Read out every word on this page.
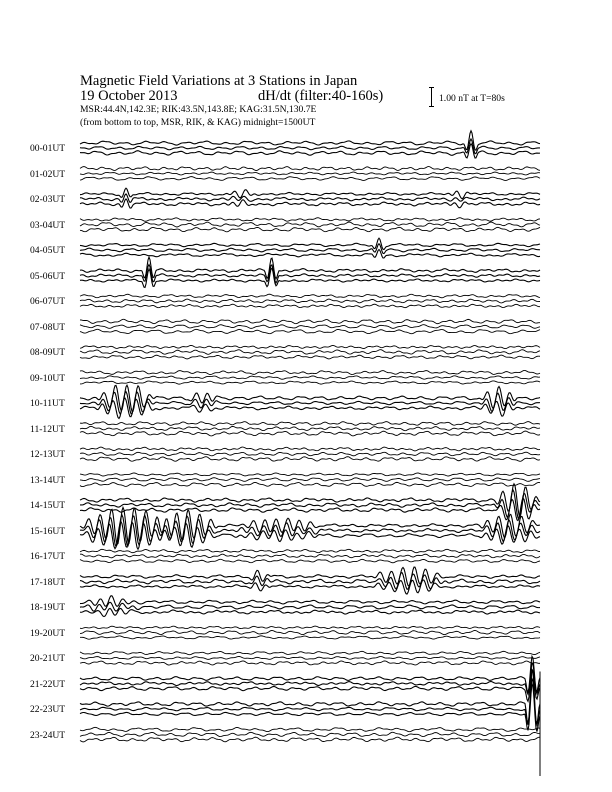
Magnetic Field Variations at 3 Stations in Japan
19 October 2013	dH/dt (filter:40-160s)
MSR:44.4N,142.3E; RIK:43.5N,143.8E; KAG:31.5N,130.7E
(from bottom to top, MSR, RIK, & KAG) midnight=1500UT
1.00 nT at T=80s
00-01UT
01-02UT
02-03UT
03-04UT
04-05UT
05-06UT
06-07UT
07-08UT
08-09UT
09-10UT
10-11UT
11-12UT
12-13UT
13-14UT
14-15UT
15-16UT
16-17UT
17-18UT
18-19UT
19-20UT
20-21UT
21-22UT
22-23UT
23-24UT
